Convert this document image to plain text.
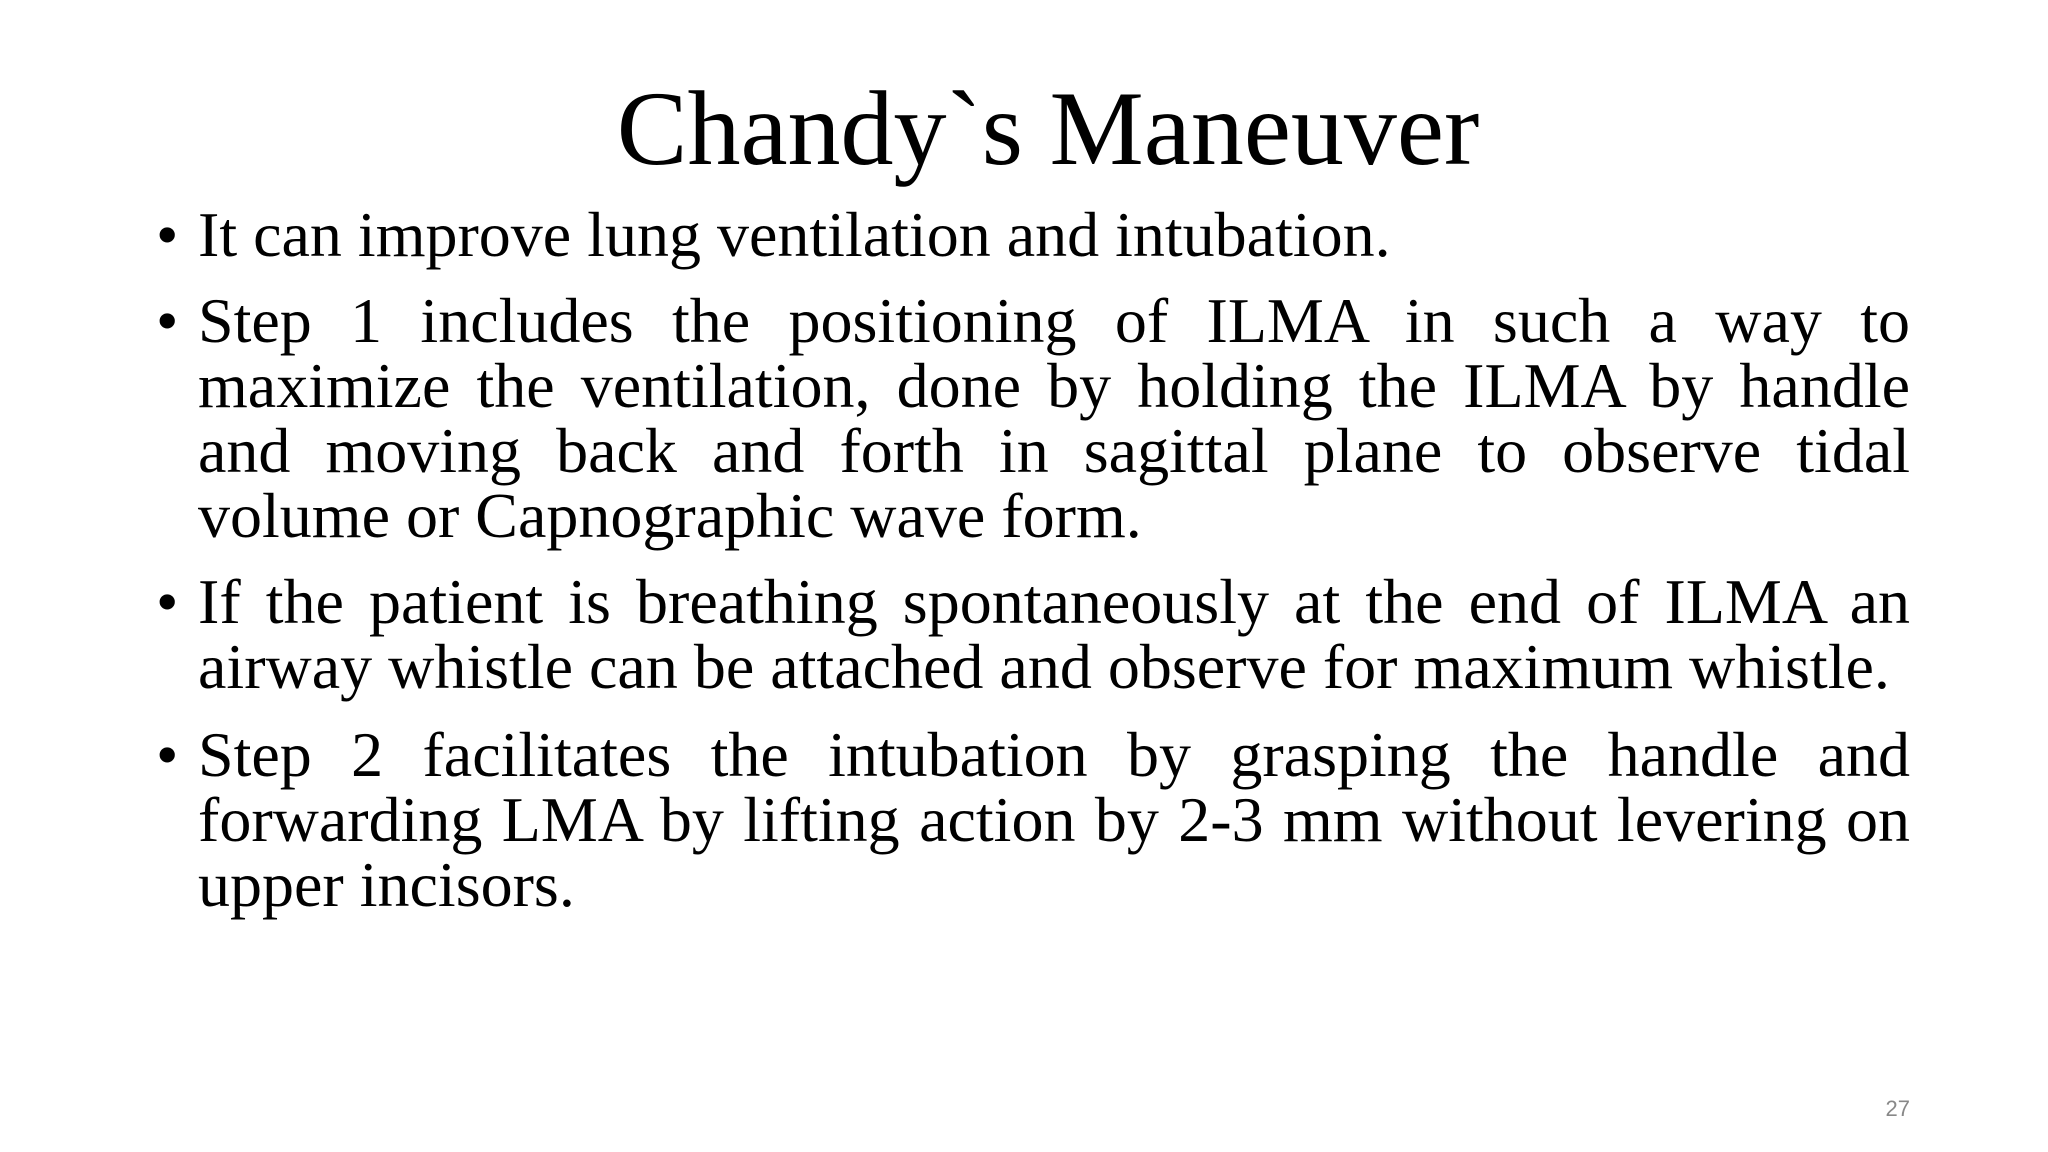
Chandy`s Maneuver

• It can improve lung ventilation and intubation.

• Step 1 includes the positioning of ILMA in such a way to maximize the ventilation, done by holding the ILMA by handle and moving back and forth in sagittal plane to observe tidal volume or Capnographic wave form.

• If the patient is breathing spontaneously at the end of ILMA an airway whistle can be attached and observe for maximum whistle.

• Step 2 facilitates the intubation by grasping the handle and forwarding LMA by lifting action by 2-3 mm without levering on upper incisors.

27
